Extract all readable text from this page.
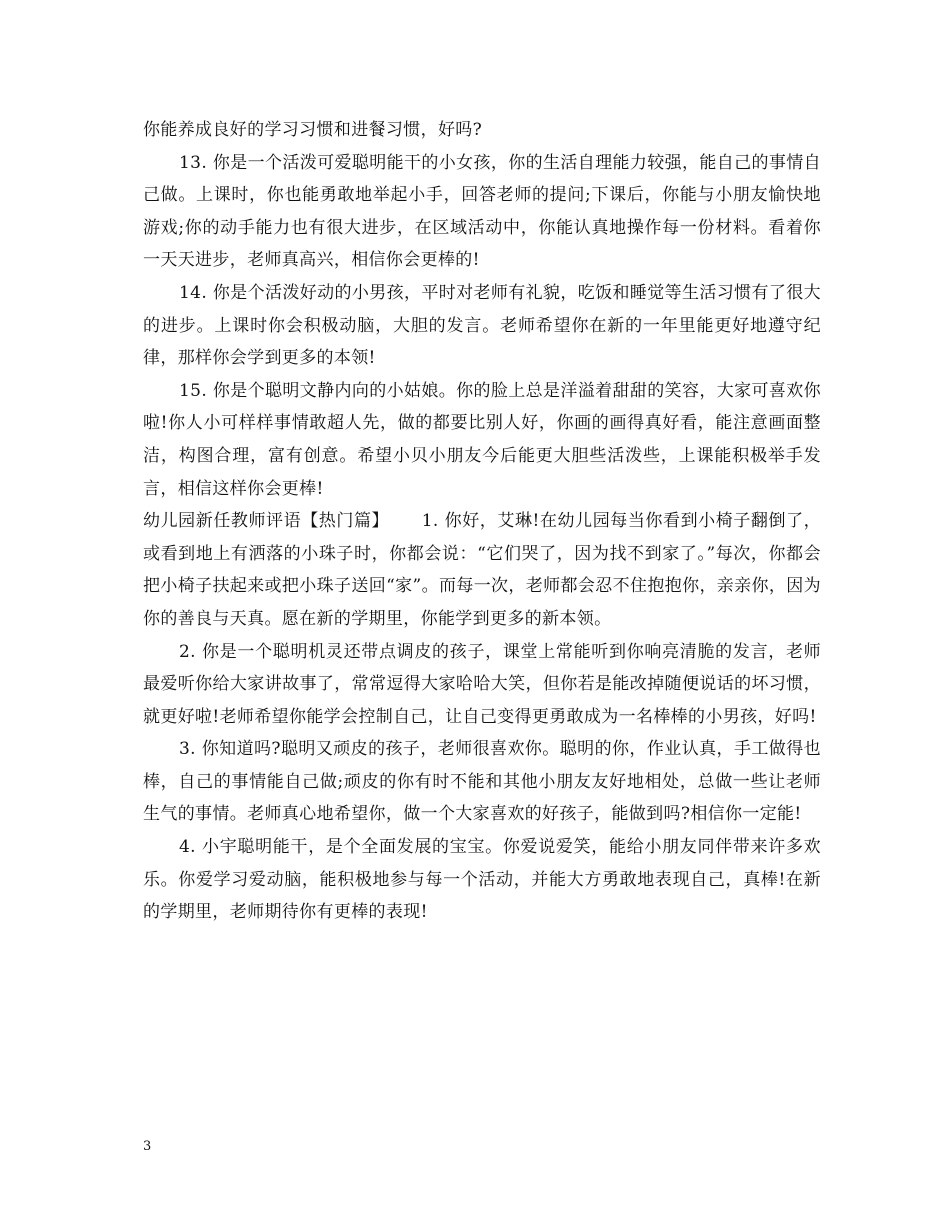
你能养成良好的学习习惯和进餐习惯，好吗?

13. 你是一个活泼可爱聪明能干的小女孩，你的生活自理能力较强，能自己的事情自己做。上课时，你也能勇敢地举起小手，回答老师的提问;下课后，你能与小朋友愉快地游戏;你的动手能力也有很大进步，在区域活动中，你能认真地操作每一份材料。看着你一天天进步，老师真高兴，相信你会更棒的!

14. 你是个活泼好动的小男孩，平时对老师有礼貌，吃饭和睡觉等生活习惯有了很大的进步。上课时你会积极动脑，大胆的发言。老师希望你在新的一年里能更好地遵守纪律，那样你会学到更多的本领!

15. 你是个聪明文静内向的小姑娘。你的脸上总是洋溢着甜甜的笑容，大家可喜欢你啦!你人小可样样事情敢超人先，做的都要比别人好，你画的画得真好看，能注意画面整洁，构图合理，富有创意。希望小贝小朋友今后能更大胆些活泼些，上课能积极举手发言，相信这样你会更棒!

幼儿园新任教师评语【热门篇】　　 1. 你好，艾琳!在幼儿园每当你看到小椅子翻倒了，或看到地上有洒落的小珠子时，你都会说：“它们哭了，因为找不到家了。”每次，你都会把小椅子扶起来或把小珠子送回“家”。而每一次，老师都会忍不住抱抱你，亲亲你，因为你的善良与天真。愿在新的学期里，你能学到更多的新本领。

2. 你是一个聪明机灵还带点调皮的孩子，课堂上常能听到你响亮清脆的发言，老师最爱听你给大家讲故事了，常常逗得大家哈哈大笑，但你若是能改掉随便说话的坏习惯，就更好啦!老师希望你能学会控制自己，让自己变得更勇敢成为一名棒棒的小男孩，好吗!

3. 你知道吗?聪明又顽皮的孩子，老师很喜欢你。聪明的你，作业认真，手工做得也棒，自己的事情能自己做;顽皮的你有时不能和其他小朋友友好地相处，总做一些让老师生气的事情。老师真心地希望你，做一个大家喜欢的好孩子，能做到吗?相信你一定能!

4. 小宇聪明能干，是个全面发展的宝宝。你爱说爱笑，能给小朋友同伴带来许多欢乐。你爱学习爱动脑，能积极地参与每一个活动，并能大方勇敢地表现自己，真棒!在新的学期里，老师期待你有更棒的表现!

3
